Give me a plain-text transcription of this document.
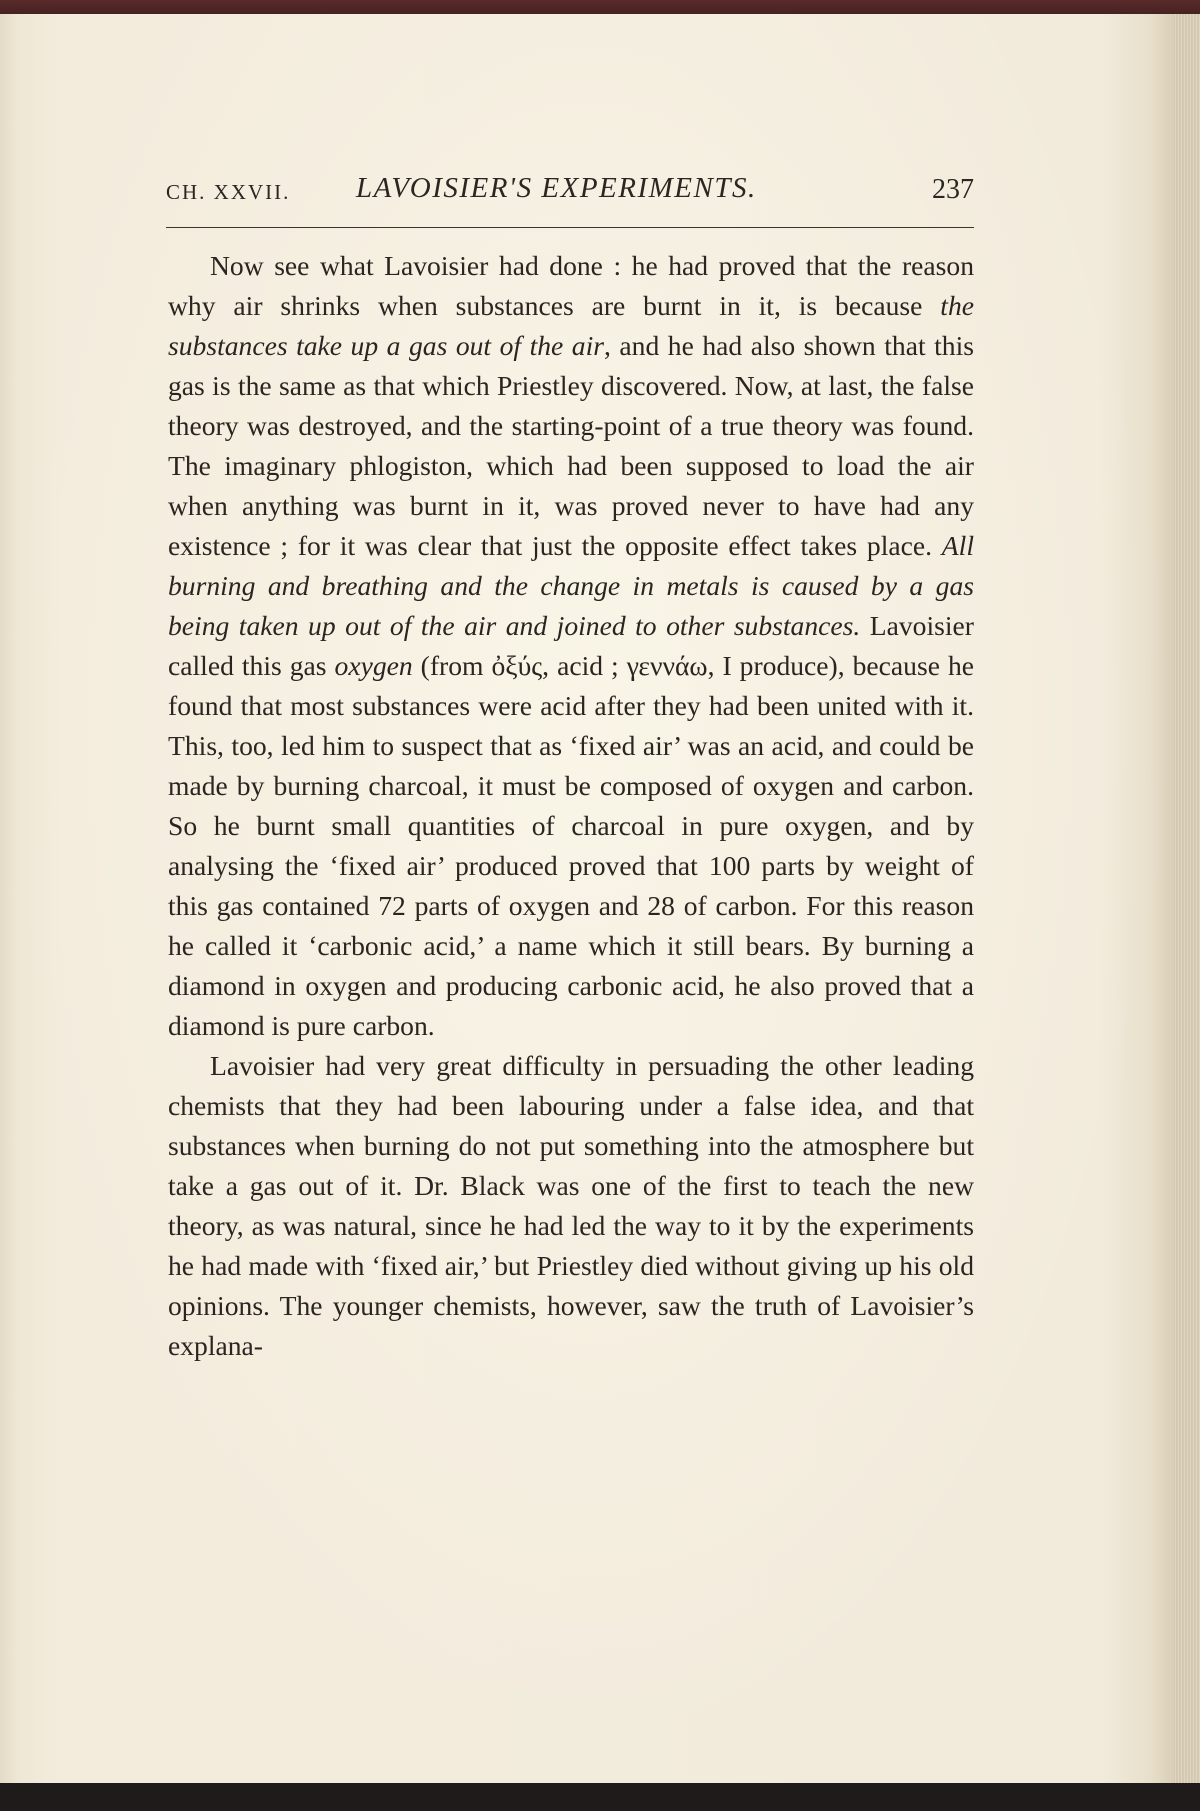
CH. XXVII. LAVOISIER'S EXPERIMENTS.	237

Now see what Lavoisier had done : he had proved that the reason why air shrinks when substances are burnt in it, is because the substances take up a gas out of the air, and he had also shown that this gas is the same as that which Priestley discovered. Now, at last, the false theory was destroyed, and the starting-point of a true theory was found. The imaginary phlogiston, which had been supposed to load the air when anything was burnt in it, was proved never to have had any existence ; for it was clear that just the opposite effect takes place. All burning and breathing and the change in metals is caused by a gas being taken up out of the air and joined to other substances. Lavoisier called this gas oxygen (from ὀξύς, acid ; γεννάω, I produce), because he found that most substances were acid after they had been united with it. This, too, led him to suspect that as ‘fixed air’ was an acid, and could be made by burning charcoal, it must be composed of oxygen and carbon. So he burnt small quantities of charcoal in pure oxygen, and by analysing the ‘fixed air’ produced proved that 100 parts by weight of this gas contained 72 parts of oxygen and 28 of carbon. For this reason he called it ‘carbonic acid,’ a name which it still bears. By burning a diamond in oxygen and producing carbonic acid, he also proved that a diamond is pure carbon.

Lavoisier had very great difficulty in persuading the other leading chemists that they had been labouring under a false idea, and that substances when burning do not put something into the atmosphere but take a gas out of it. Dr. Black was one of the first to teach the new theory, as was natural, since he had led the way to it by the experiments he had made with ‘fixed air,’ but Priestley died without giving up his old opinions. The younger chemists, however, saw the truth of Lavoisier’s explana-
